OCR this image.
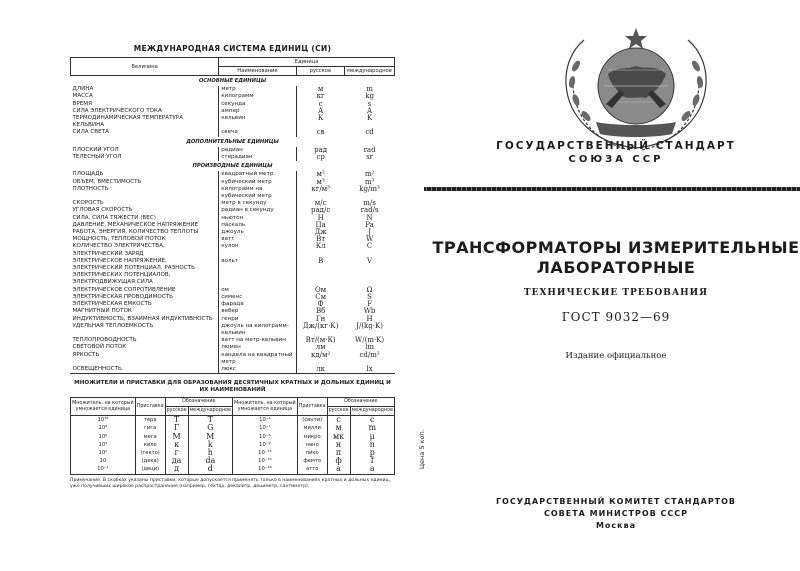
МЕЖДУНАРОДНАЯ СИСТЕМА ЕДИНИЦ (СИ)
Величина	Единица		
	Наименование	русское	международное
ОСНОВНЫЕ ЕДИНИЦЫ			
ДЛИНА	метр	м	m
МАССА	килограмм	кг	kg
ВРЕМЯ	секунда	с	s
СИЛА ЭЛЕКТРИЧЕСКОГО ТОКА	ампер	А	A
ТЕРМОДИНАМИЧЕСКАЯ ТЕМПЕРАТУРА КЕЛЬВИНА	кельвин	К	K
СИЛА СВЕТА	свеча	св	cd
ДОПОЛНИТЕЛЬНЫЕ ЕДИНИЦЫ			
ПЛОСКИЙ УГОЛ	радиан	рад	rad
ТЕЛЕСНЫЙ УГОЛ	стерадиан	ср	sr
ПРОИЗВОДНЫЕ ЕДИНИЦЫ			
ПЛОЩАДЬ	квадратный метр	м²	m²
ОБЪЕМ, ВМЕСТИМОСТЬ	кубический метр	м³	m³
ПЛОТНОСТЬ	килограмм на кубический метр	кг/м³	kg/m³
СКОРОСТЬ	метр в секунду	м/с	m/s
УГЛОВАЯ СКОРОСТЬ	радиан в секунду	рад/с	rad/s
СИЛА, СИЛА ТЯЖЕСТИ (ВЕС)	ньютон	Н	N
ДАВЛЕНИЕ, МЕХАНИЧЕСКОЕ НАПРЯЖЕНИЕ	паскаль	Па	Pa
РАБОТА, ЭНЕРГИЯ, КОЛИЧЕСТВО ТЕПЛОТЫ	джоуль	Дж	J
МОЩНОСТЬ, ТЕПЛОВОЙ ПОТОК	ватт	Вт	W
КОЛИЧЕСТВО ЭЛЕКТРИЧЕСТВА, ЭЛЕКТРИЧЕСКИЙ ЗАРЯД	кулон	Кл	C
ЭЛЕКТРИЧЕСКОЕ НАПРЯЖЕНИЕ, ЭЛЕКТРИЧЕСКИЙ ПОТЕНЦИАЛ, РАЗНОСТЬ ЭЛЕКТРИЧЕСКИХ ПОТЕНЦИАЛОВ, ЭЛЕКТРОДВИЖУЩАЯ СИЛА	вольт	В	V
ЭЛЕКТРИЧЕСКОЕ СОПРОТИВЛЕНИЕ	ом	Ом	Ω
ЭЛЕКТРИЧЕСКАЯ ПРОВОДИМОСТЬ	сименс	См	S
ЭЛЕКТРИЧЕСКАЯ ЕМКОСТЬ	фарада	Ф	F
МАГНИТНЫЙ ПОТОК	вебер	Вб	Wb
ИНДУКТИВНОСТЬ, ВЗАИМНАЯ ИНДУКТИВНОСТЬ	генри	Гн	H
УДЕЛЬНАЯ ТЕПЛОЕМКОСТЬ	джоуль на килограмм-кельвин	Дж/(кг·К)	J/(kg·K)
ТЕПЛОПРОВОДНОСТЬ	ватт на метр-кельвин	Вт/(м·К)	W/(m·K)
СВЕТОВОЙ ПОТОК	люмен	лм	lm
ЯРКОСТЬ	кандела на квадратный метр	кд/м²	cd/m²
ОСВЕЩЕННОСТЬ	люкс	лк	lx
МНОЖИТЕЛИ И ПРИСТАВКИ ДЛЯ ОБРАЗОВАНИЯ ДЕСЯТИЧНЫХ КРАТНЫХ И ДОЛЬНЫХ ЕДИНИЦ И ИХ НАИМЕНОВАНИЙ
Множитель, на который умножается единица	Приставка	Обозначение		Множитель, на который умножается единица	Приставка	Обозначение	
		русское	международное			русское	международное
10¹²	тера	Т	T	10⁻²	(санти)	с	c
10⁹	гига	Г	G	10⁻³	милли	м	m
10⁶	мега	М	M	10⁻⁶	микро	мк	μ
10³	кило	к	k	10⁻⁹	нано	н	n
10²	(гекто)	г	h	10⁻¹²	пико	п	p
10	(дека)	да	da	10⁻¹⁵	фемто	ф	f
10⁻¹	(деци)	д	d	10⁻¹⁸	атто	а	a
Примечание. В скобках указаны приставки, которые допускается применять только в наименованиях кратных и дольных единиц, уже получивших широкое распространение (например, гектар, декалитр, дециметр, сантиметр).
Цена 5 коп.
ГОСУДАРСТВЕННЫЙ СТАНДАРТ
СОЮЗА ССР
ТРАНСФОРМАТОРЫ ИЗМЕРИТЕЛЬНЫЕ
ЛАБОРАТОРНЫЕ
ТЕХНИЧЕСКИЕ ТРЕБОВАНИЯ
ГОСТ 9032—69
Издание официальное
ГОСУДАРСТВЕННЫЙ КОМИТЕТ СТАНДАРТОВ
СОВЕТА МИНИСТРОВ СССР
Москва
